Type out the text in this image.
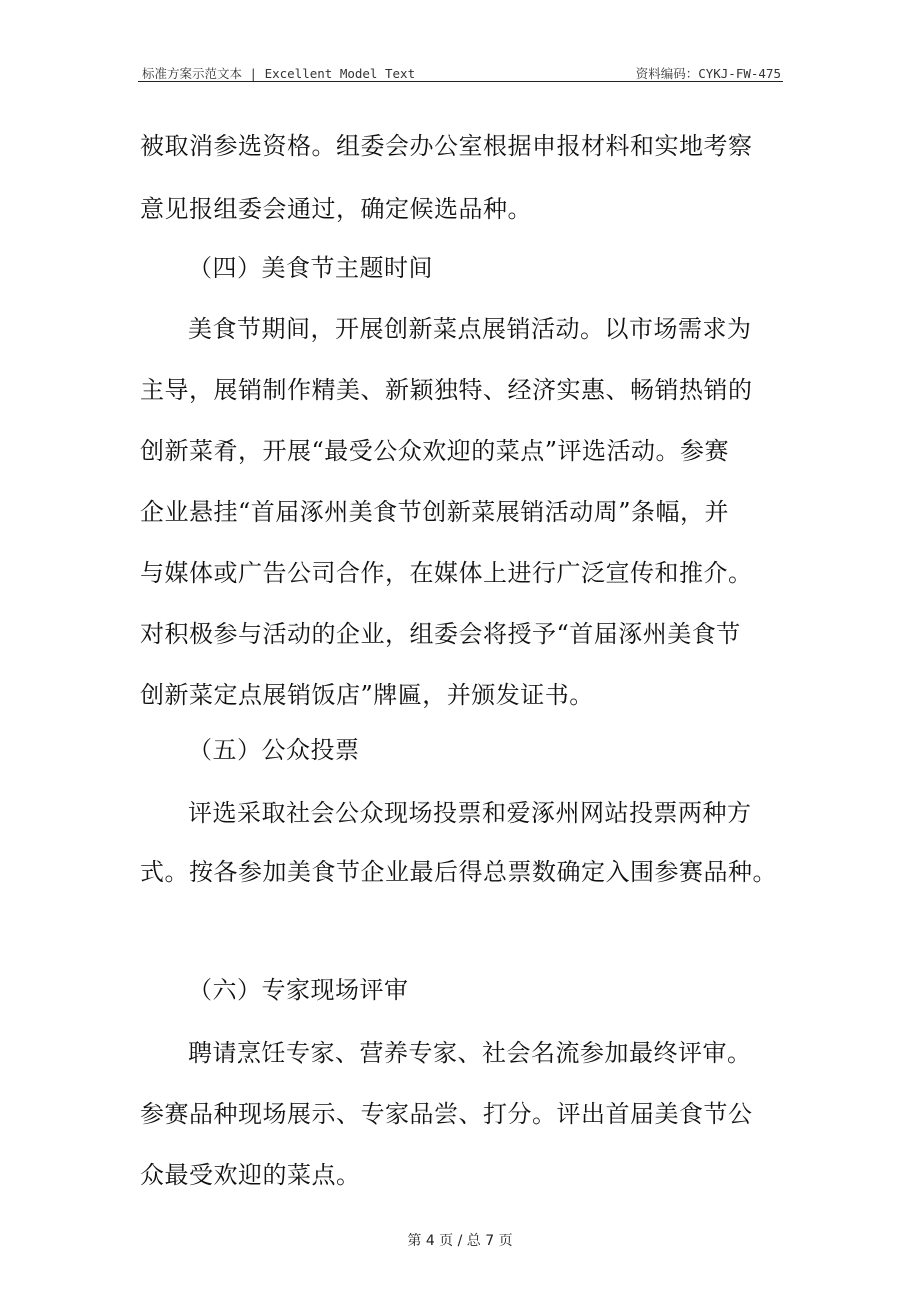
标准方案示范文本 | Excellent Model Text	资料编码：CYKJ-FW-475
被取消参选资格。组委会办公室根据申报材料和实地考察
意见报组委会通过，确定候选品种。
（四）美食节主题时间
美食节期间，开展创新菜点展销活动。以市场需求为
主导，展销制作精美、新颖独特、经济实惠、畅销热销的
创新菜肴，开展“最受公众欢迎的菜点”评选活动。参赛
企业悬挂“首届涿州美食节创新菜展销活动周”条幅，并
与媒体或广告公司合作，在媒体上进行广泛宣传和推介。
对积极参与活动的企业，组委会将授予“首届涿州美食节
创新菜定点展销饭店”牌匾，并颁发证书。
（五）公众投票
评选采取社会公众现场投票和爱涿州网站投票两种方
式。按各参加美食节企业最后得总票数确定入围参赛品种。
（六）专家现场评审
聘请烹饪专家、营养专家、社会名流参加最终评审。
参赛品种现场展示、专家品尝、打分。评出首届美食节公
众最受欢迎的菜点。
第 4 页 / 总 7 页
